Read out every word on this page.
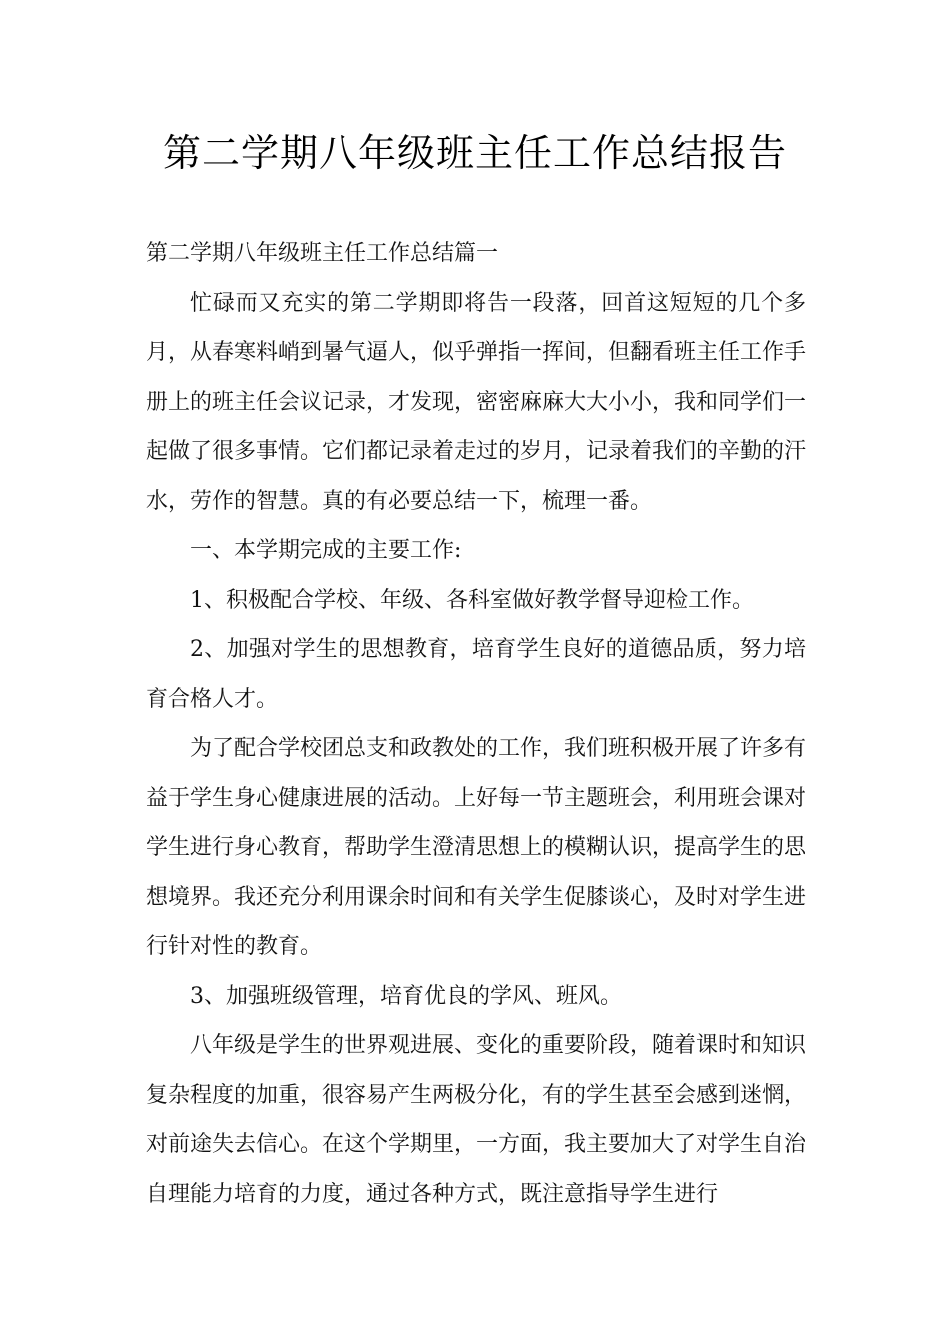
第二学期八年级班主任工作总结报告

第二学期八年级班主任工作总结篇一

忙碌而又充实的第二学期即将告一段落，回首这短短的几个多月，从春寒料峭到暑气逼人，似乎弹指一挥间，但翻看班主任工作手册上的班主任会议记录，才发现，密密麻麻大大小小，我和同学们一起做了很多事情。它们都记录着走过的岁月，记录着我们的辛勤的汗水，劳作的智慧。真的有必要总结一下，梳理一番。

一、本学期完成的主要工作:

1、积极配合学校、年级、各科室做好教学督导迎检工作。

2、加强对学生的思想教育，培育学生良好的道德品质，努力培育合格人才。

为了配合学校团总支和政教处的工作，我们班积极开展了许多有益于学生身心健康进展的活动。上好每一节主题班会，利用班会课对学生进行身心教育，帮助学生澄清思想上的模糊认识，提高学生的思想境界。我还充分利用课余时间和有关学生促膝谈心，及时对学生进行针对性的教育。

3、加强班级管理，培育优良的学风、班风。

八年级是学生的世界观进展、变化的重要阶段，随着课时和知识复杂程度的加重，很容易产生两极分化，有的学生甚至会感到迷惘，对前途失去信心。在这个学期里，一方面，我主要加大了对学生自治自理能力培育的力度，通过各种方式，既注意指导学生进行
